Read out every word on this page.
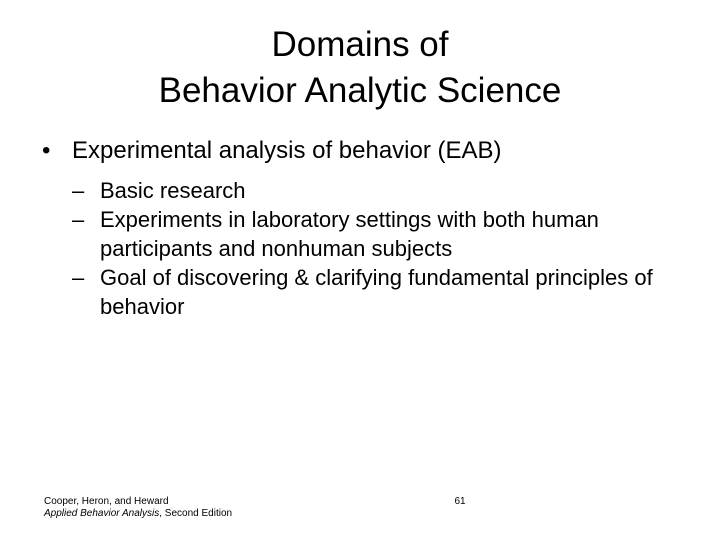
Domains of
Behavior Analytic Science
• Experimental analysis of behavior (EAB)
– Basic research
– Experiments in laboratory settings with both human participants and nonhuman subjects
– Goal of discovering & clarifying fundamental principles of behavior
Cooper, Heron, and Heward
Applied Behavior Analysis, Second Edition
61
